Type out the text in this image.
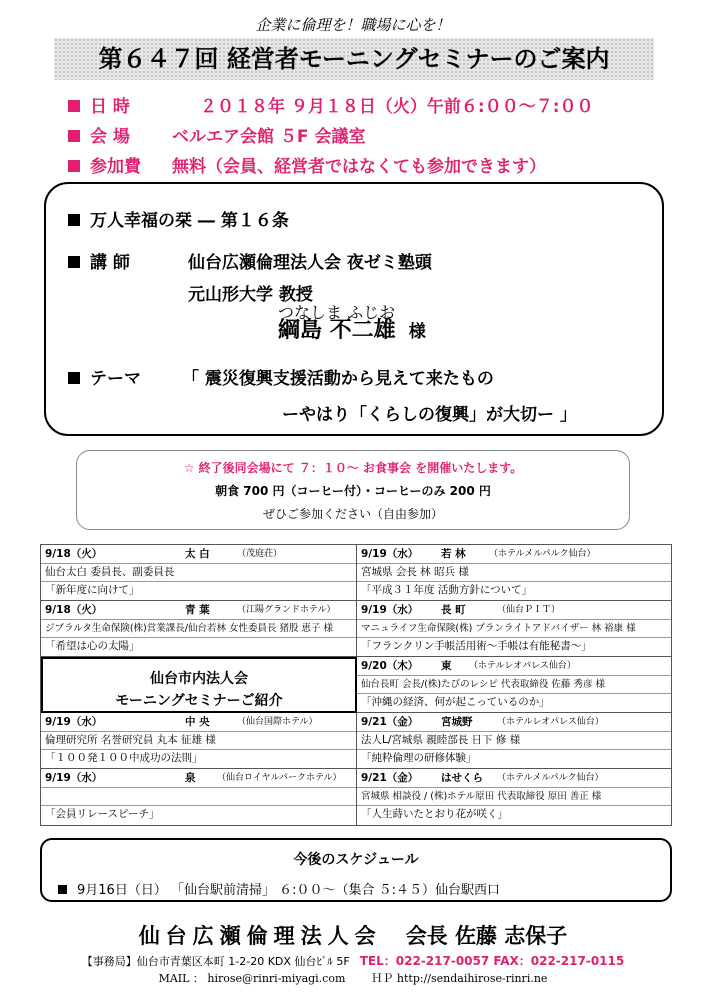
企業に倫理を！職場に心を！
第６４７回 経営者モーニングセミナーのご案内
日 時	２０１８年 ９月１８日（火）午前６:００～７:００
会 場 ベルエア会館 ５F 会議室
参加費 無料（会員、経営者ではなくても参加できます）
万人幸福の栞 ― 第１６条
講 師	仙台広瀬倫理法人会 夜ゼミ塾頭
元山形大学 教授
つなしま ふじお
綱島 不二雄 様
テーマ 「 震災復興支援活動から見えて来たもの
ーやはり「くらしの復興」が大切ー 」
☆ 終了後同会場にて ７：１０～ お食事会 を開催いたします。
朝食 700 円（コーヒー付）・コーヒーのみ 200 円
ぜひご参加ください（自由参加）
9/18（火）	太 白	（茂庭荘）
仙台太白 委員長、副委員長
「新年度に向けて」
9/19（水） 若 林	（ホテルメルパルク仙台）
宮城県 会長 林 昭兵 様
「平成３１年度 活動方針について」
9/18（火）	青 葉	（江陽グランドホテル）
ジブラルタ生命保険(株)営業課長/仙台若林 女性委員長 猪股 恵子 様
「希望は心の太陽」
9/19（水） 長 町	（仙台ＰＩＴ）
マニュライフ生命保険(株) プランライトアドバイザー 林 裕康 様
「フランクリン手帳活用術～手帳は有能秘書～」
仙台市内法人会
モーニングセミナーご紹介
9/20（木） 東 （ホテルレオパレス仙台）
仙台長町 会長/(株)たびのレシピ 代表取締役 佐藤 秀彦 様
「沖縄の経済、何が起こっているのか」
9/19（水）	中 央	（仙台国際ホテル）
倫理研究所 名誉研究員 丸本 征雄 様
「１００発１００中成功の法則」
9/21（金） 宮城野	（ホテルレオパレス仙台）
法人L/宮城県 親睦部長 日下 修 様
「純粋倫理の研修体験」
9/19（水）	泉 （仙台ロイヤルパークホテル）
「会員リレースピーチ」
9/21（金） はせくら （ホテルメルパルク仙台）
宮城県 相談役 / (株)ホテル原田 代表取締役 原田 善正 様
「人生蒔いたとおり花が咲く」
今後のスケジュール
9月16日（日） 「仙台駅前清掃」 ６:００～（集合 ５:４５）仙台駅西口
仙台広瀬倫理法人会 会長 佐藤 志保子
【事務局】仙台市青葉区本町 1-2-20 KDX 仙台ﾋﾞﾙ 5F TEL：022-217-0057 FAX：022-217-0115
MAIL ： hirose@rinri-miyagi.com ＨＰ http://sendaihirose-rinri.ne
